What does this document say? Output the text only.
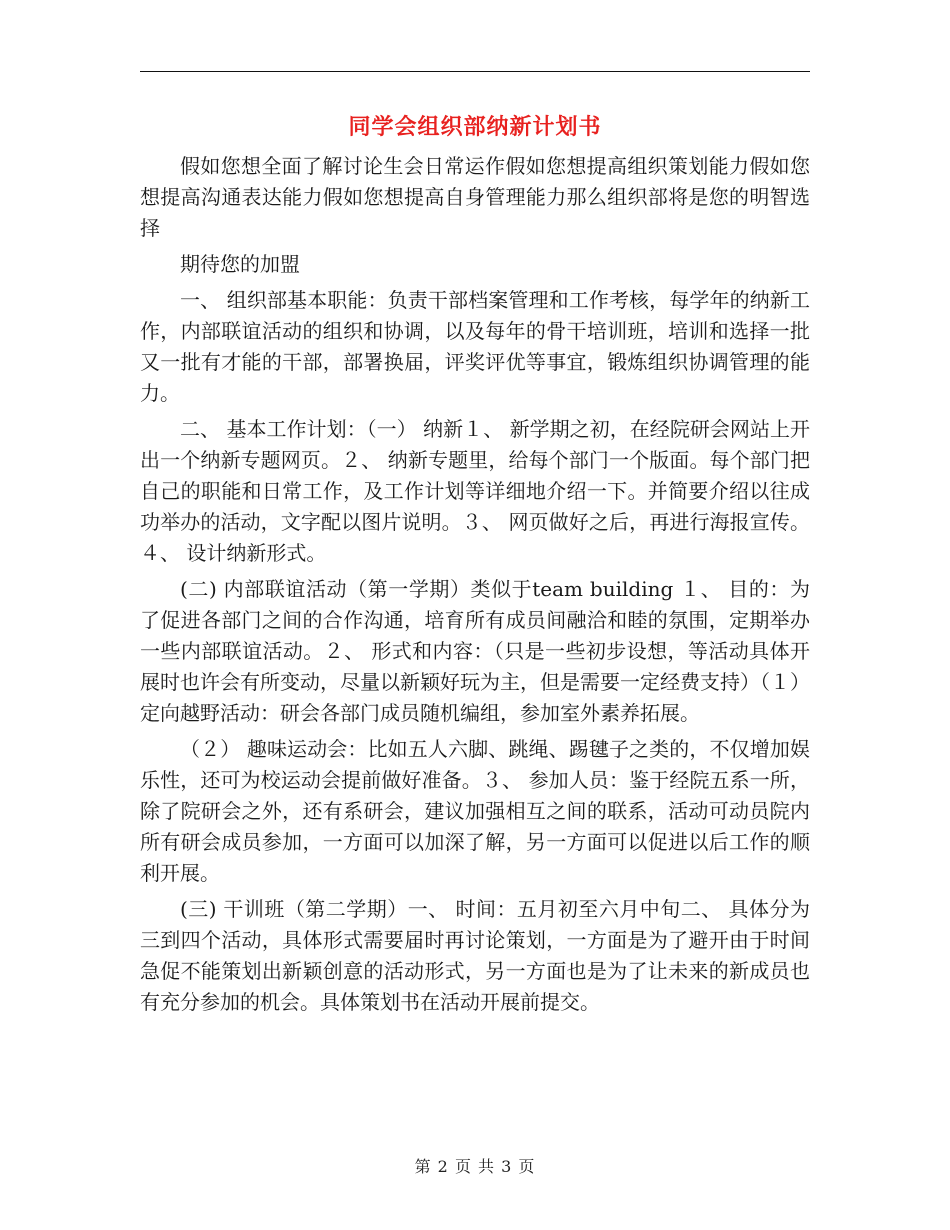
同学会组织部纳新计划书

假如您想全面了解讨论生会日常运作假如您想提高组织策划能力假如您想提高沟通表达能力假如您想提高自身管理能力那么组织部将是您的明智选择

期待您的加盟

一、 组织部基本职能：负责干部档案管理和工作考核，每学年的纳新工作，内部联谊活动的组织和协调，以及每年的骨干培训班，培训和选择一批又一批有才能的干部，部署换届，评奖评优等事宜，锻炼组织协调管理的能力。

二、 基本工作计划：（一） 纳新１、 新学期之初，在经院研会网站上开出一个纳新专题网页。２、 纳新专题里，给每个部门一个版面。每个部门把自己的职能和日常工作，及工作计划等详细地介绍一下。并简要介绍以往成功举办的活动，文字配以图片说明。３、 网页做好之后，再进行海报宣传。４、 设计纳新形式。

(二) 内部联谊活动（第一学期）类似于team building １、 目的：为了促进各部门之间的合作沟通，培育所有成员间融洽和睦的氛围，定期举办一些内部联谊活动。２、 形式和内容：（只是一些初步设想，等活动具体开展时也许会有所变动，尽量以新颖好玩为主，但是需要一定经费支持）（１） 定向越野活动：研会各部门成员随机编组，参加室外素养拓展。

（２） 趣味运动会：比如五人六脚、跳绳、踢毽子之类的，不仅增加娱乐性，还可为校运动会提前做好准备。３、 参加人员：鉴于经院五系一所，除了院研会之外，还有系研会，建议加强相互之间的联系，活动可动员院内所有研会成员参加，一方面可以加深了解，另一方面可以促进以后工作的顺利开展。

(三) 干训班（第二学期）一、 时间：五月初至六月中旬二、 具体分为三到四个活动，具体形式需要届时再讨论策划，一方面是为了避开由于时间急促不能策划出新颖创意的活动形式，另一方面也是为了让未来的新成员也有充分参加的机会。具体策划书在活动开展前提交。

第 2 页 共 3 页
